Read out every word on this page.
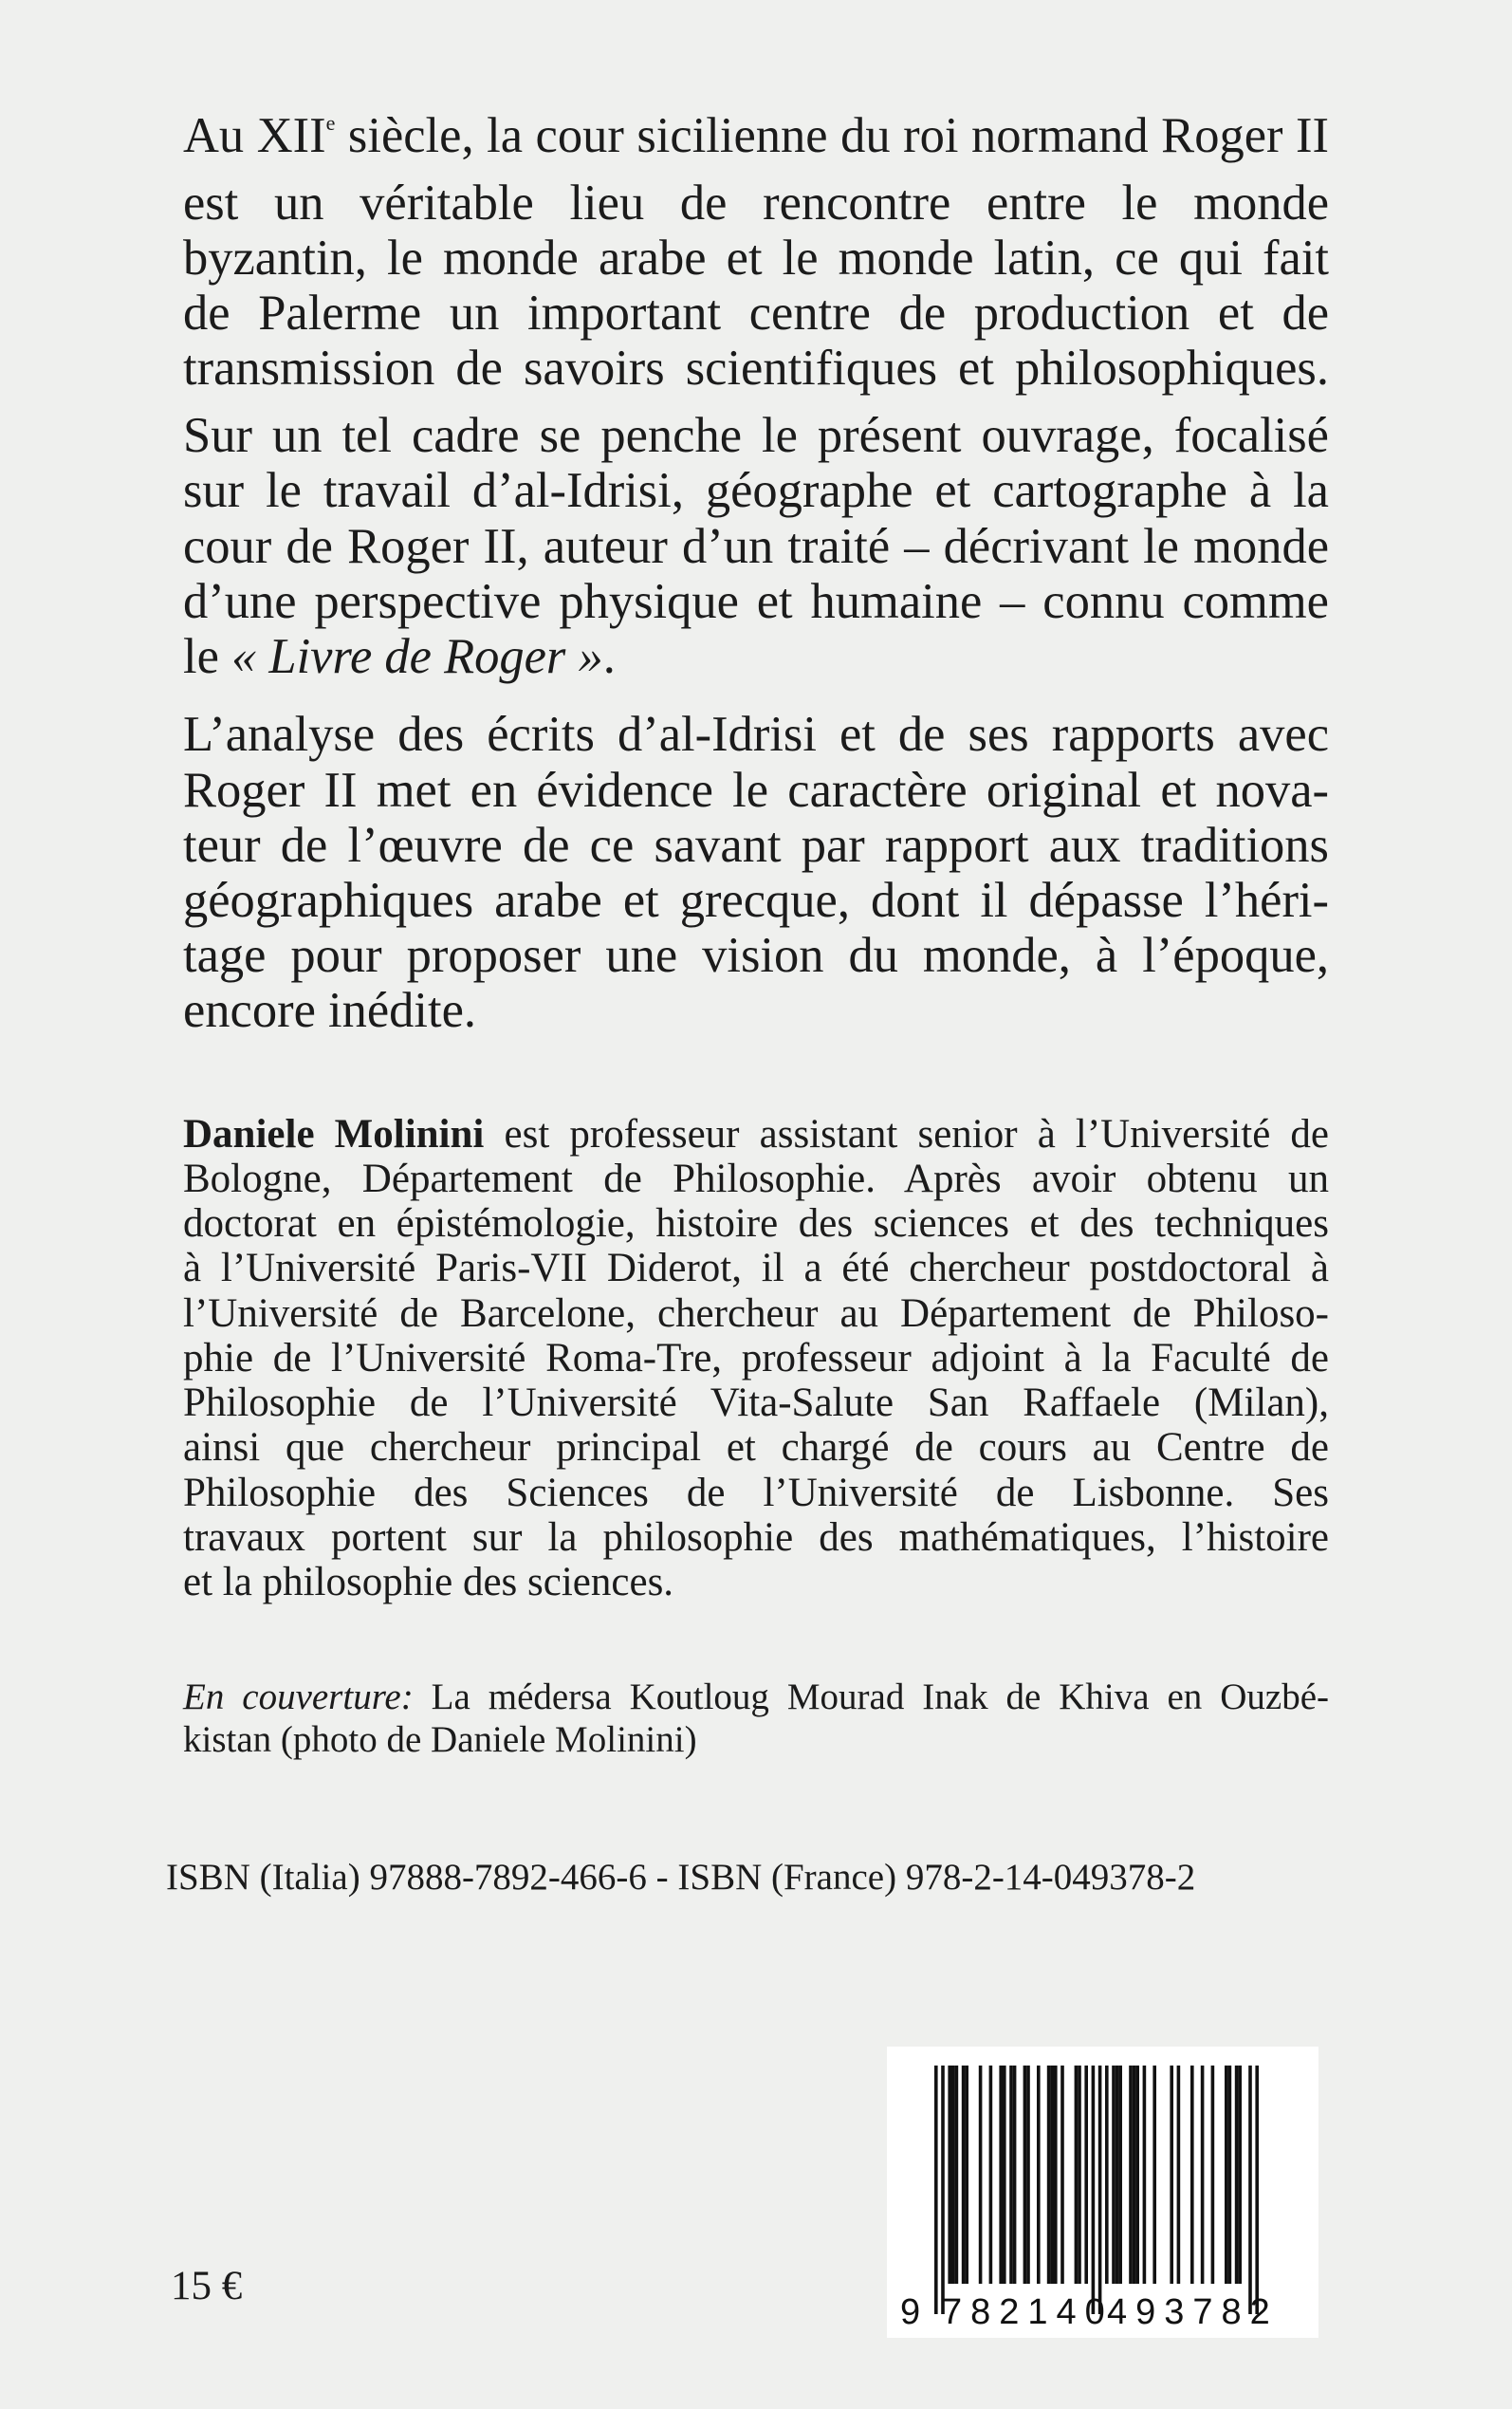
Au XIIe siècle, la cour sicilienne du roi normand Roger II
est un véritable lieu de rencontre entre le monde
byzantin, le monde arabe et le monde latin, ce qui fait
de Palerme un important centre de production et de
transmission de savoirs scientifiques et philosophiques.
Sur un tel cadre se penche le présent ouvrage, focalisé
sur le travail d’al-Idrisi, géographe et cartographe à la
cour de Roger II, auteur d’un traité – décrivant le monde
d’une perspective physique et humaine – connu comme
le « Livre de Roger ».
L’analyse des écrits d’al-Idrisi et de ses rapports avec
Roger II met en évidence le caractère original et nova-
teur de l’œuvre de ce savant par rapport aux traditions
géographiques arabe et grecque, dont il dépasse l’héri-
tage pour proposer une vision du monde, à l’époque,
encore inédite.
Daniele Molinini est professeur assistant senior à l’Université de
Bologne, Département de Philosophie. Après avoir obtenu un
doctorat en épistémologie, histoire des sciences et des techniques
à l’Université Paris-VII Diderot, il a été chercheur postdoctoral à
l’Université de Barcelone, chercheur au Département de Philoso-
phie de l’Université Roma-Tre, professeur adjoint à la Faculté de
Philosophie de l’Université Vita-Salute San Raffaele (Milan),
ainsi que chercheur principal et chargé de cours au Centre de
Philosophie des Sciences de l’Université de Lisbonne. Ses
travaux portent sur la philosophie des mathématiques, l’histoire
et la philosophie des sciences.
En couverture: La médersa Koutloug Mourad Inak de Khiva en Ouzbé-
kistan (photo de Daniele Molinini)
ISBN (Italia) 97888-7892-466-6 - ISBN (France) 978-2-14-049378-2
9 782140
493782
15 €
